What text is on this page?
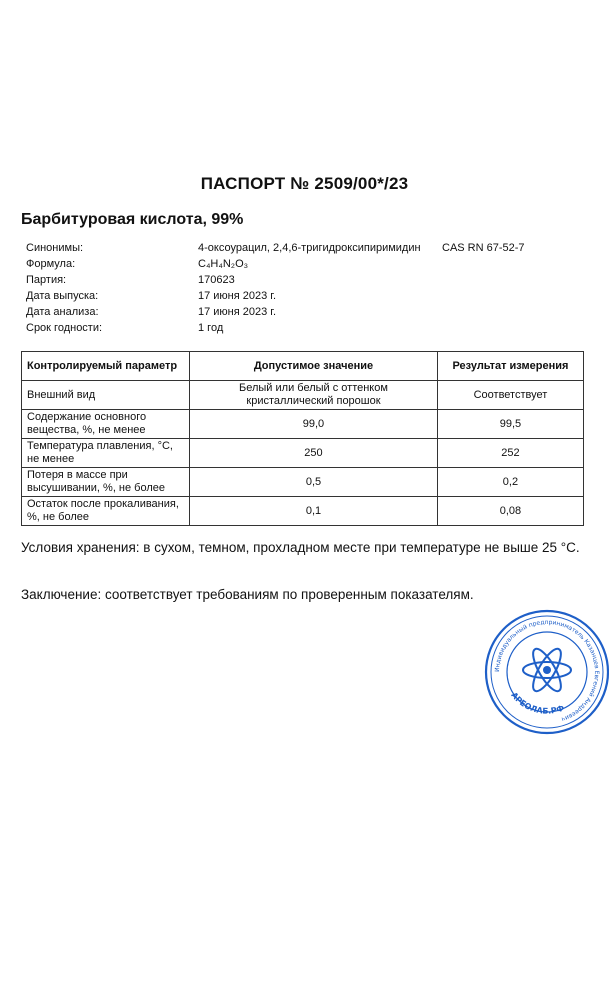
ПАСПОРТ № 2509/00*/23
Барбитуровая кислота, 99%
Синонимы:	4-оксоурацил, 2,4,6-тригидроксипиримидин CAS RN 67-52-7
Формула:	C₄H₄N₂O₃
Партия:	170623
Дата выпуска:	17 июня 2023 г.
Дата анализа:	17 июня 2023 г.
Срок годности:	1 год
Контролируемый параметр	Допустимое значение	Результат измерения
Внешний вид	Белый или белый с оттенком кристаллический порошок	Соответствует
Содержание основного вещества, %, не менее	99,0	99,5
Температура плавления, °С, не менее	250	252
Потеря в массе при высушивании, %, не более	0,5	0,2
Остаток после прокаливания, %, не более	0,1	0,08
Условия хранения: в сухом, темном, прохладном месте при температуре не выше 25 °С.
Заключение: соответствует требованиям по проверенным показателям.
Индивидуальный предприниматель Казанцев Евгений Андреевич
АРЕОЛАБ.РФ
